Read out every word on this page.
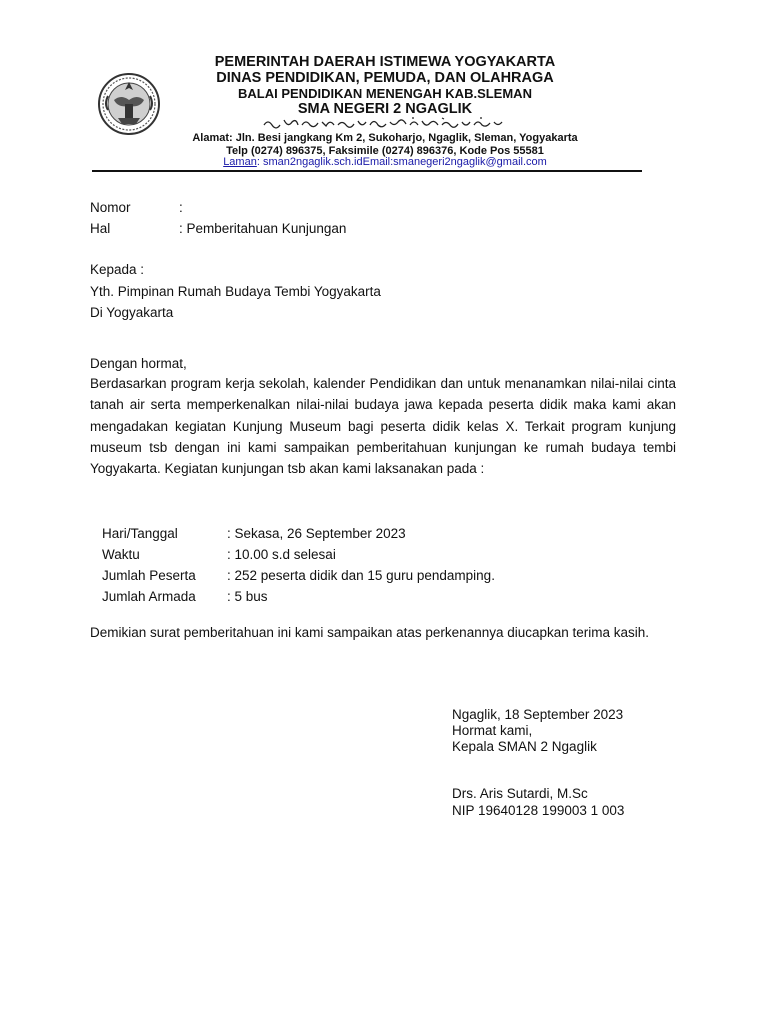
PEMERINTAH DAERAH ISTIMEWA YOGYAKARTA
DINAS PENDIDIKAN, PEMUDA, DAN OLAHRAGA
BALAI PENDIDIKAN MENENGAH KAB.SLEMAN
SMA NEGERI 2 NGAGLIK
Alamat: Jln. Besi jangkang Km 2, Sukoharjo, Ngaglik, Sleman, Yogyakarta
Telp (0274) 896375, Faksimile (0274) 896376, Kode Pos 55581
Laman: sman2ngaglik.sch.idEmail:smanegeri2ngaglik@gmail.com
Nomor	:
Hal	: Pemberitahuan Kunjungan
Kepada :
Yth. Pimpinan Rumah Budaya Tembi Yogyakarta
Di Yogyakarta
Dengan hormat,
Berdasarkan program kerja sekolah, kalender Pendidikan dan untuk menanamkan nilai-nilai cinta tanah air serta memperkenalkan nilai-nilai budaya jawa kepada peserta didik maka kami akan mengadakan kegiatan Kunjung Museum bagi peserta didik kelas X. Terkait program kunjung museum tsb dengan ini kami sampaikan pemberitahuan kunjungan ke rumah budaya tembi Yogyakarta. Kegiatan kunjungan tsb akan kami laksanakan pada :
Hari/Tanggal	: Sekasa, 26 September 2023
Waktu	: 10.00 s.d selesai
Jumlah Peserta : 252 peserta didik dan 15 guru pendamping.
Jumlah Armada : 5 bus
Demikian surat pemberitahuan ini kami sampaikan atas perkenannya diucapkan terima kasih.
Ngaglik, 18 September 2023
Hormat kami,
Kepala SMAN 2 Ngaglik
Drs. Aris Sutardi, M.Sc
NIP 19640128 199003 1 003
